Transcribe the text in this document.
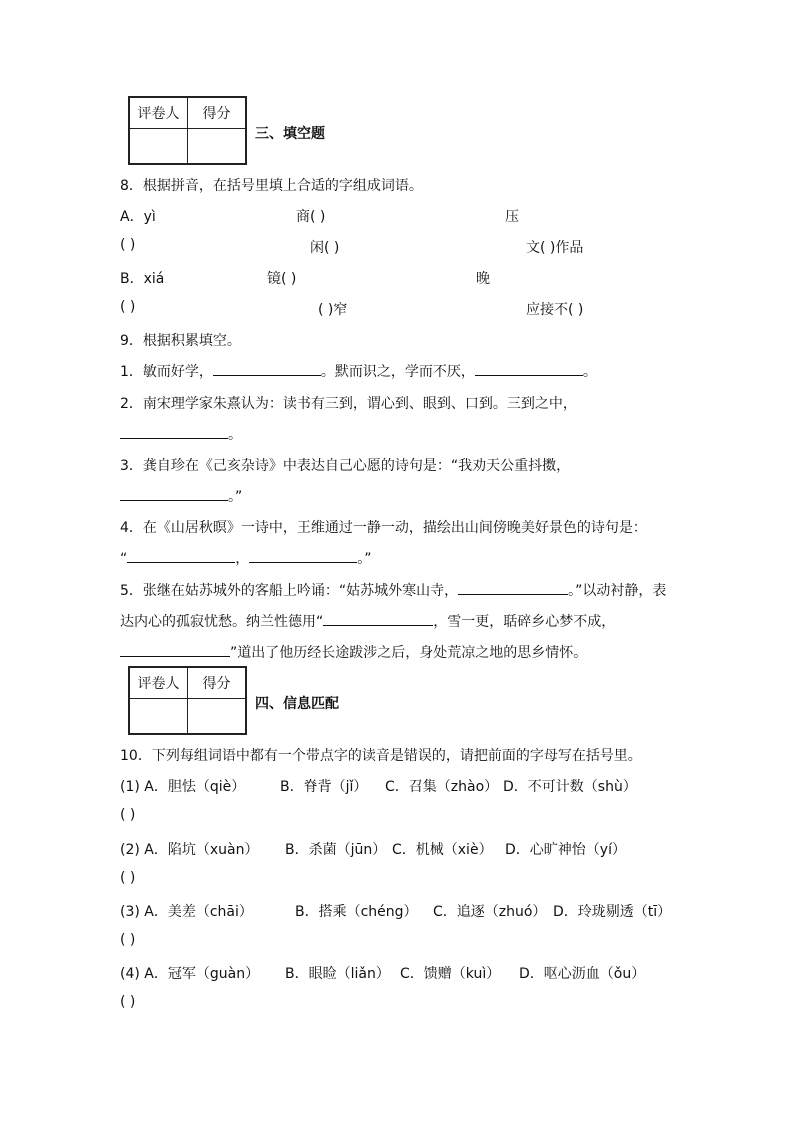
评卷人	得分

三、填空题
8．根据拼音，在括号里填上合适的字组成词语。
A．yì	商( )	压
( )	闲( )	文( )作品
B．xiá	镜( )	晚
( )	( )窄	应接不( )
9．根据积累填空。
1．敏而好学，	。默而识之，学而不厌，	。
2．南宋理学家朱熹认为：读书有三到，谓心到、眼到、口到。三到之中，
。
3．龚自珍在《己亥杂诗》中表达自己心愿的诗句是：“我劝天公重抖擞，
。”
4．在《山居秋暝》一诗中，王维通过一静一动，描绘出山间傍晚美好景色的诗句是：
“	，	。”
5．张继在姑苏城外的客船上吟诵：“姑苏城外寒山寺，	。”以动衬静，表
达内心的孤寂忧愁。纳兰性德用“	，雪一更，聒碎乡心梦不成，
”道出了他历经长途跋涉之后，身处荒凉之地的思乡情怀。
评卷人	得分

四、信息匹配
10．下列每组词语中都有一个带点字的读音是错误的，请把前面的字母写在括号里。
(1) A．胆怯（qiè） B．脊背（jǐ） C．召集（zhào） D．不可计数（shù）
( )
(2) A．陷坑（xuàn） B．杀菌（jūn） C．机械（xiè） D．心旷神怡（yí）
( )
(3) A．美差（chāi）	B．搭乘（chéng） C．追逐（zhuó） D．玲珑剔透（tī）
( )
(4) A．冠军（guàn） B．眼睑（liǎn） C．馈赠（kuì） D．呕心沥血（ǒu）
( )
